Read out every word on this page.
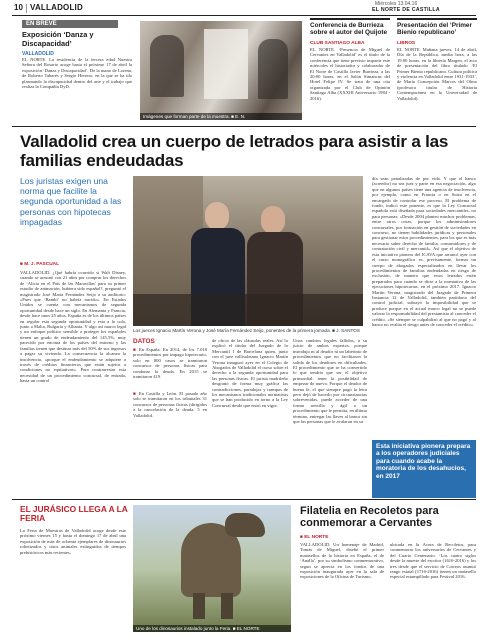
10 VALLADOLID	Miércoles 13.04.16
EL NORTE DE CASTILLA
EN BREVE
Exposición ‘Danza y Discapacidad’
VALLADOLID
EL NORTE. La residencia de la tercera edad Nuestra Señora del Rosario acoge hasta el próximo 17 de abril la exposición ‘Danza y Discapacidad’. De la mano de Lorena, de Roberto Tabarés y Sergio Herrero, en la que se ha ido plasmando la discapacidad dentro del arte y el trabajo que realiza la Compañía DyD.
Imágenes que forman parte de la muestra. ■ E. N.
Conferencia de Burrieza sobre el autor del Quijote
CLUB SANTIAGO ALBA
EL NORTE. ‘Presencia de Miguel de Cervantes en Valladolid’ es el título de la conferencia que tiene previsto impartir este miércoles el historiador y colaborador de El Norte de Castilla Javier Burrieza, a las 20:00 horas, en el Salón Simancas del Hotel Felipe IV. Se trata de una cita organizada por el Club de Opinión Santiago Alba (XXXIII Aniversario 1984 - 2016).
Presentación del ‘Primer Bienio republicano’
LIBROS
EL NORTE. Mañana jueves, 14 de abril, Día de la República, media hora, a las 19:00 horas, en la librería Margen, el acto de presentación del libro titulado ‘El Primer Bienio republicano. Cultura política y violencia en Valladolid entre 1931-1933’, de María Concepción Marcos del Olmo (profesora titular de Historia Contemporánea en la Universidad de Valladolid).
Valladolid crea un cuerpo de letrados para asistir a las familias endeudadas
Los juristas exigen una norma que facilite la segunda oportunidad a las personas con hipotecas impagadas
■ M. J. PASCUAL
VALLADOLID. ¿Qué habría ocurrido si Walt Disney, cuando se arruinó con 21 años por comprar los derechos de ‘Alicia en el País de las Maravillas’ para su primer estudio de animación, hubiera sido español?, preguntó el magistrado José María Fernández Seijo a su auditorio: «Pues que ‘Bambi’ no habría nacido». En Estados Unidos se cuenta con mecanismos de segunda oportunidad desde hace un siglo. En Alemania y Francia, desde hace unos 25 años. España es de los últimos países en regular esta segunda oportunidad y esta a la cola, junto a Malta, Bulgaria y Albania. Y algo así marco legal y un enfoque político sensible a proteger los españoles tienen un grado de endeudamiento del 145,5%, muy parecido por encima de los países del entorno y las familias tienen que destinar más del 50% de sus ingresos a pagar su vivienda. La consecuencia la alcanza la insolvencia, «porque el endeudamiento se adquiere a través de créditos financieros que están sujetos a condiciones no equitativas». Para contrarrestar esta necesidad de un procedimiento concursal, de entrada, hasta un control
Los jueces Ignacio Martín Verona y José María Fernández Seijo, ponentes de la primera jornada. ■ J. SANTOS
DATOS
■ En España. En 2014, de los 7.018 procedimientos por impago hipotecario, solo en 800 casos se tramitaron concursos de personas físicas para condonar la deuda. En 2015 se tramitaron 419.
■ En Castilla y León. El pasado año solo se tramitaron en los tribunales 31 concursos de personas físicas (dirigidos a la cancelación de la deuda, 5 en Valladolid.
de oficio de las cláusulas reales. Así lo explicó el titular del Juzgado de lo Mercantil 1 de Barcelona quien, junto con el juez vallisoletano Ignacio Martín Verona inauguró ayer en el Colegio de Abogados de Valladolid el curso sobre el derecho a la segunda oportunidad para las personas físicas. El jurista madrileño desgranó de forma muy gráfica las contradicciones, paradojas y trampas de los mecanismos tradicionales normativas que se han producido en torno a la Ley Concursal desde que entró en vigor.
Unos cambios legales fallidos, a su juicio de ambos expertos, porque introdujo ni al deudor ni un laberinto de procedimientos que no facilitaron la salida de los deudores en dificultades. El procedimiento que se ha convertido lo que tendría que ser el objetivo primordial: tener la posibilidad de empezar de nuevo. Porque el deudor de buena fe, el que siempre pagó la letra pero dejó de hacerlo por circunstancias sobrevenidas, puede acceder de una forma sencilla y ágil a un procedimiento que le permita, en último término, entregar las llaves al banco sin que las personas que le avalaron en su
día sean penalizadas de por vida. Y que el banco (acreedor) no sea juez y parte en esa negociación, algo que en algunos países tiene una agencia de insolvencia, por ejemplo, como en Francia o en Suiza en el encargado de controlar ese proceso. El problema de fondo, indicó este ponente, es que la Ley Concursal española está diseñada para sociedades mercantiles, no para personas: «Desde 2004 planteo muchos problemas, entre otros cosas, porque los administradores concursales, por formación en gestión de sociedades en concurso, no tienen habilidades jurídicas y personales para gestionar estos procedimientos, para los que es más necesario saber derecho de familia, consumidores y de contratación civil y mercantil». Así que el objetivo de esta iniciativa pionera del ICAVA que arrancó ayer con el curso monográfico es, precisamente, formar un cuerpo de abogados especializados en llevar los procedimientos de familias endeudadas en riesgo de exclusión, de manera que estos letrados estén preparados para cuando se dicte a la normativa de las ejecuciones hipotecarias, en el próximo 2017. Ignacio Martín Verona, magistrado del Juzgado de Primera Instancia 12 de Valladolid, también partidario del control judicial, subrayó la imposibilidad que se produce porque en el actual marco legal no se puede valorar la responsabilidad del prestamista al conceder el crédito. «Se siempre se culpabilizó al que no pagó y al banco no evalúa el riesgo antes de conceder el crédito».
Esta iniciativa pionera prepara a los operadores judiciales para cuando acabe la moratoria de los desahucios, en 2017
EL JURÁSICO LLEGA A LA FERIA
La Feria de Muestras de Valladolid acoge desde este próximo viernes 15 y hasta el domingo 17 de abril una exposición de más de ochenta ejemplares de dinosaurios robotizados y otros animales extinguidos de tiempos prehistóricos más recientes,
Uno de los dinosaurios instalado junto la Feria. ■ EL NORTE
Filatelia en Recoletos para conmemorar a Cervantes
■ EL NORTE
VALLADOLID. Un homenaje de Madrid, Tomás de Miguel, diseñó el primer matasellos de la historia en España, el de ‘Analla’, por su simbolismo conmemorativo, segun se aprecia en los fondos de una exposición inaugurada ayer en la sala de exposiciones de la Oficina de Turismo,
ubicada en la Acera de Recoletos, para conmemorar los aniversarios de Cervantes y del Cuarto Centenario. ‘Los cuatro siglos desde la muerte del escritor (1616-2016) y los tres desde que el servicio de Correos asumió rango estatal (1716-2016) tienen un matasello especial estampillado para Festival 2016.
